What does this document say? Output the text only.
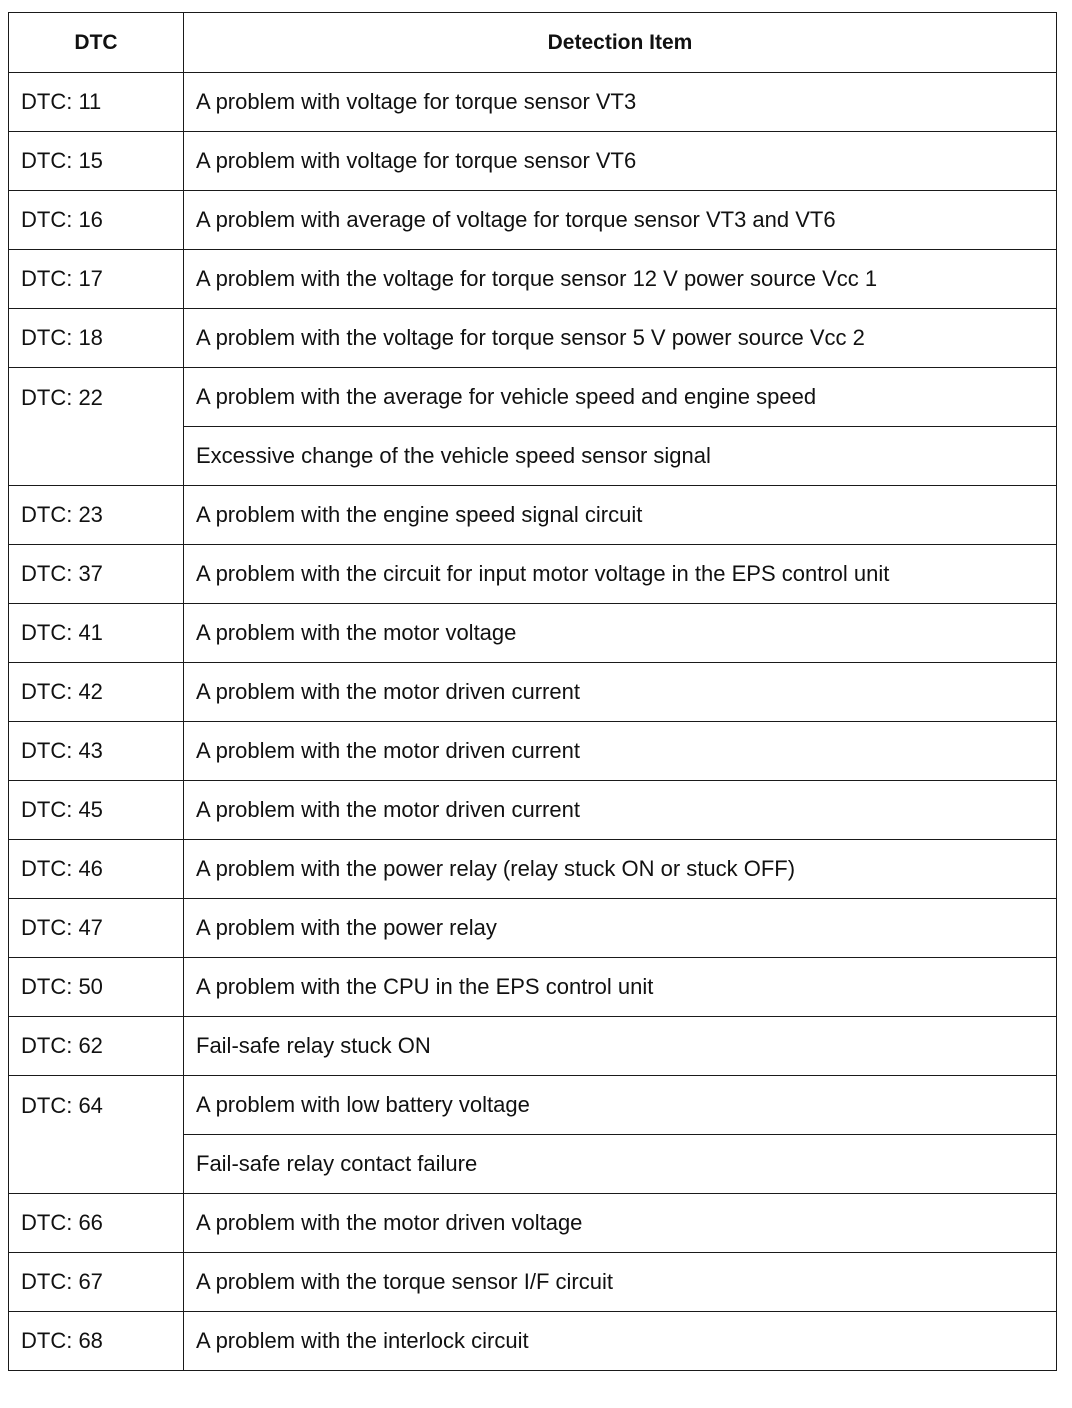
DTC	Detection Item
DTC: 11	A problem with voltage for torque sensor VT3
DTC: 15	A problem with voltage for torque sensor VT6
DTC: 16	A problem with average of voltage for torque sensor VT3 and VT6
DTC: 17	A problem with the voltage for torque sensor 12 V power source Vcc 1
DTC: 18	A problem with the voltage for torque sensor 5 V power source Vcc 2
DTC: 22	A problem with the average for vehicle speed and engine speed
	Excessive change of the vehicle speed sensor signal
DTC: 23	A problem with the engine speed signal circuit
DTC: 37	A problem with the circuit for input motor voltage in the EPS control unit
DTC: 41	A problem with the motor voltage
DTC: 42	A problem with the motor driven current
DTC: 43	A problem with the motor driven current
DTC: 45	A problem with the motor driven current
DTC: 46	A problem with the power relay (relay stuck ON or stuck OFF)
DTC: 47	A problem with the power relay
DTC: 50	A problem with the CPU in the EPS control unit
DTC: 62	Fail-safe relay stuck ON
DTC: 64	A problem with low battery voltage
	Fail-safe relay contact failure
DTC: 66	A problem with the motor driven voltage
DTC: 67	A problem with the torque sensor I/F circuit
DTC: 68	A problem with the interlock circuit
